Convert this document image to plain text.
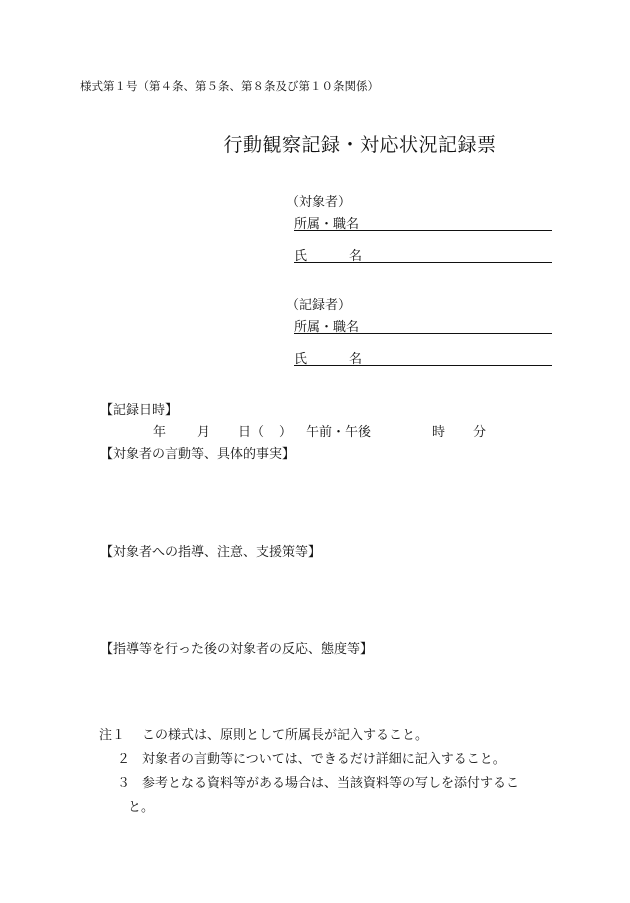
様式第１号（第４条、第５条、第８条及び第１０条関係）
行動観察記録・対応状況記録票
（対象者）
所属・職名
氏	名
（記録者）
所属・職名
氏	名
【記録日時】
年 月 日（ ） 午前・午後	時 分
【対象者の言動等、具体的事実】
【対象者への指導、注意、支援策等】
【指導等を行った後の対象者の反応、態度等】
注１ この様式は、原則として所属長が記入すること。
２ 対象者の言動等については、できるだけ詳細に記入すること。
３ 参考となる資料等がある場合は、当該資料等の写しを添付するこ
と。
